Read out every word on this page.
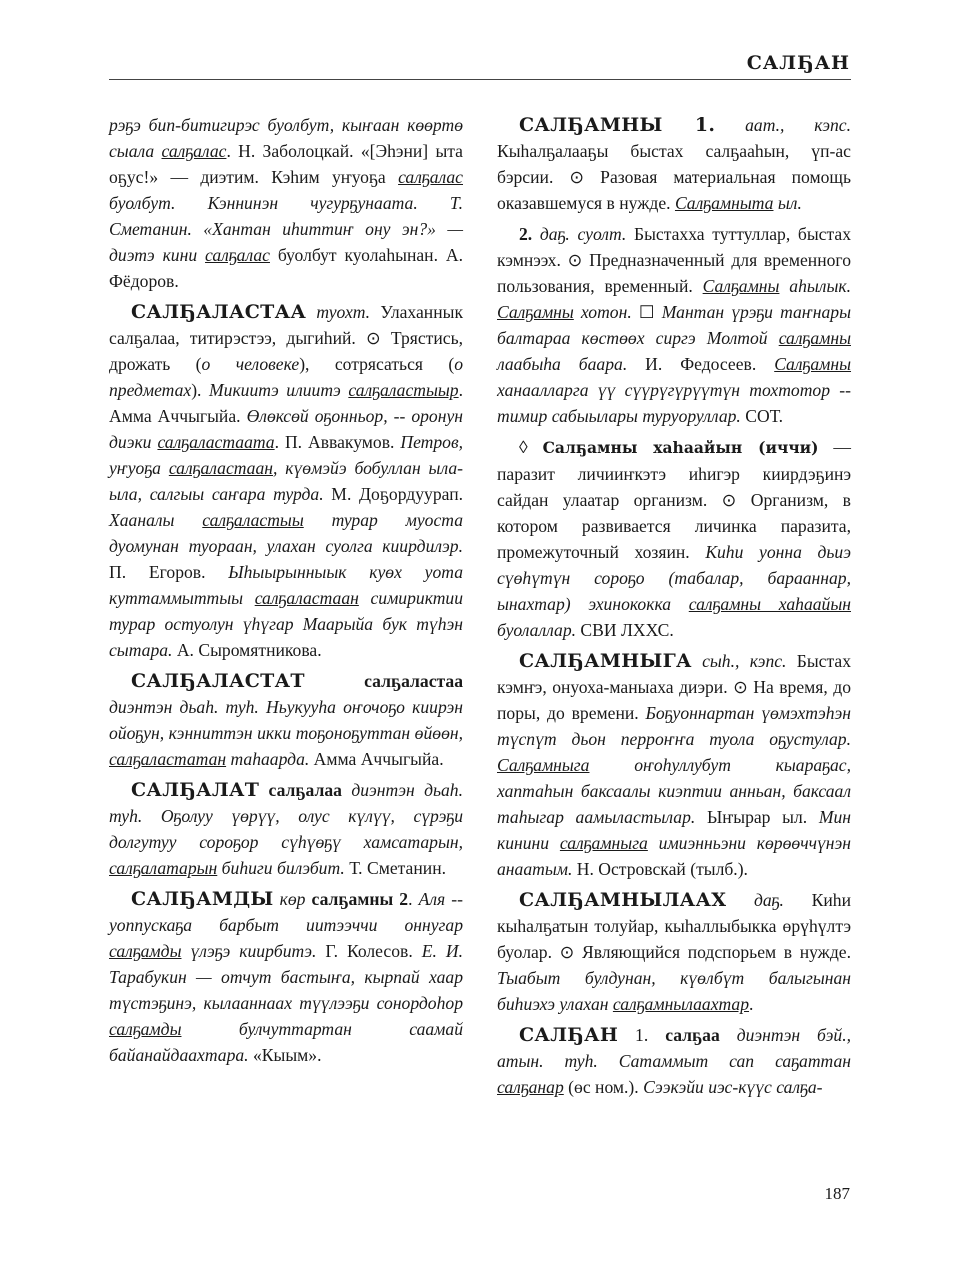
САЛҔАН

рэҕэ бип-битигирэс буолбут, кыҥаан көөртө сыала салҕалас. Н. Заболоцкай. «[Эһэни] ыта оҕус!» — диэтим. Кэһим уҥуоҕа салҕалас буолбут. Кэннинэн чугурҕунаата. Т. Сметанин. «Хантан иһиттиҥ ону эн?» — диэтэ кини салҕалас буолбут куолаһынан. А. Фёдоров.

САЛҔАЛАСТАА туохт. Улаханнык салҕалаа, титирэстээ, дыгиһий. ⊙ Трястись, дрожать (о человеке), сотрясаться (о предметах). Микиитэ илиитэ салҕаластыыр. Амма Аччыгыйа. Өлөксөй оҕонньор, -- оронун диэки салҕаластаата. П. Аввакумов. Петров, уҥуоҕа салҕаластаан, күөмэйэ бобуллан ыла-ыла, салгыы саҥара турда. М. Доҕордуурап. Хаанaлы салҕаластыы турар муоста дуомунан туораан, улахан суолга киирдилэр. П. Егоров. Ыһыырынныык куөх уота куттаммыттыы салҕаластаан симириктии турар остуолун үһүгар Маарыйа бук түһэн сытара. А. Сыромятникова.

САЛҔАЛАСТАТ салҕаластаа диэнтэн дьаһ. туһ. Ньукууһа оҥочоҕо киирэн ойоҕун, кэнниттэн икки тоҕоноҕуттан өйөөн, салҕаластатан таһаарда. Амма Аччыгыйа.

САЛҔАЛАТ салҕалаа диэнтэн дьаһ. туһ. Оҕолуу үөрүү, олус күлүү, сүрэҕи долгутуу сороҕор сүһүөҕү хамсатарын, салҕалатарын биһиги билэбит. Т. Сметанин.

САЛҔАМДЫ көр салҕамны 2. Аля -- уоппускаҕа барбыт иитээччи оннугар салҕамды үлэҕэ киирбитэ. Г. Колесов. Е. И. Тарабукин — отчут бастыҥа, кырпай хаар түстэҕинэ, кылааннаах түүлээҕи сонордоһор салҕамды булчуттартан саамай байанайдаахтара. «Кыым».

САЛҔАМНЫ 1. аат., кэпс. Кыһалҕалааҕы быстах салҕааһын, үп-ас бэрсии. ⊙ Разовая материальная помощь оказавшемуся в нужде. Салҕамныта ыл.

2. даҕ. суолт. Быстахха туттуллар, быстах кэмнээх. ⊙ Предназначенный для временного пользования, временный. Салҕамны аһылык. Салҕамны хотон. ☐ Мантан үрэҕи таҥнары балтараа көстөөх сиргэ Молтой салҕамны лаабыһа баара. И. Федосеев. Салҕамны ханаалларга үү сүүрүгүрүүтүн тохтотор -- тимир сабыылары туруоруллар. СОТ.

◊ Салҕамны хаһаайын (иччи) — паразит личииҥкэтэ иһигэр киирдэҕинэ сайдан улаатар организм. ⊙ Организм, в котором развивается личинка паразита, промежуточный хозяин. Киһи уонна дьиэ сүөһүтүн сороҕо (табалар, барааннар, ынахтар) эхинококка салҕамны хаһаайын буолаллар. СВИ ЛХХС.

САЛҔАМНЫГА сыһ., кэпс. Быстах кэмҥэ, онуоха-маныаха диэри. ⊙ На время, до поры, до времени. Боҕуоннартан үөмэхтэһэн түспүт дьон перроҥҥа туола оҕустулар. Салҕамныга оҥоһуллубут кыараҕас, хаптаһын баксаалы киэптии анньан, баксаал таһыгар аамыластылар. Ыҥырар ыл. Мин кинини салҕамныга имиэнньэни көрөөччүнэн анаатым. Н. Островскай (тылб.).

САЛҔАМНЫЛААХ даҕ. Киһи кыһалҕатын толуйар, кыһаллыбыкка өрүһүлтэ буолар. ⊙ Являющийся подспорьем в нужде. Тыабыт булдунан, күөлбүт балыгынан биһиэхэ улахан салҕамнылаахтар.

САЛҔАН 1. салҕаа диэнтэн бэй., атын. туһ. Сатаммыт сап саҕаттан салҕанар (өс ном.). Сээкэйи иэс-күүс салҕа-

187
